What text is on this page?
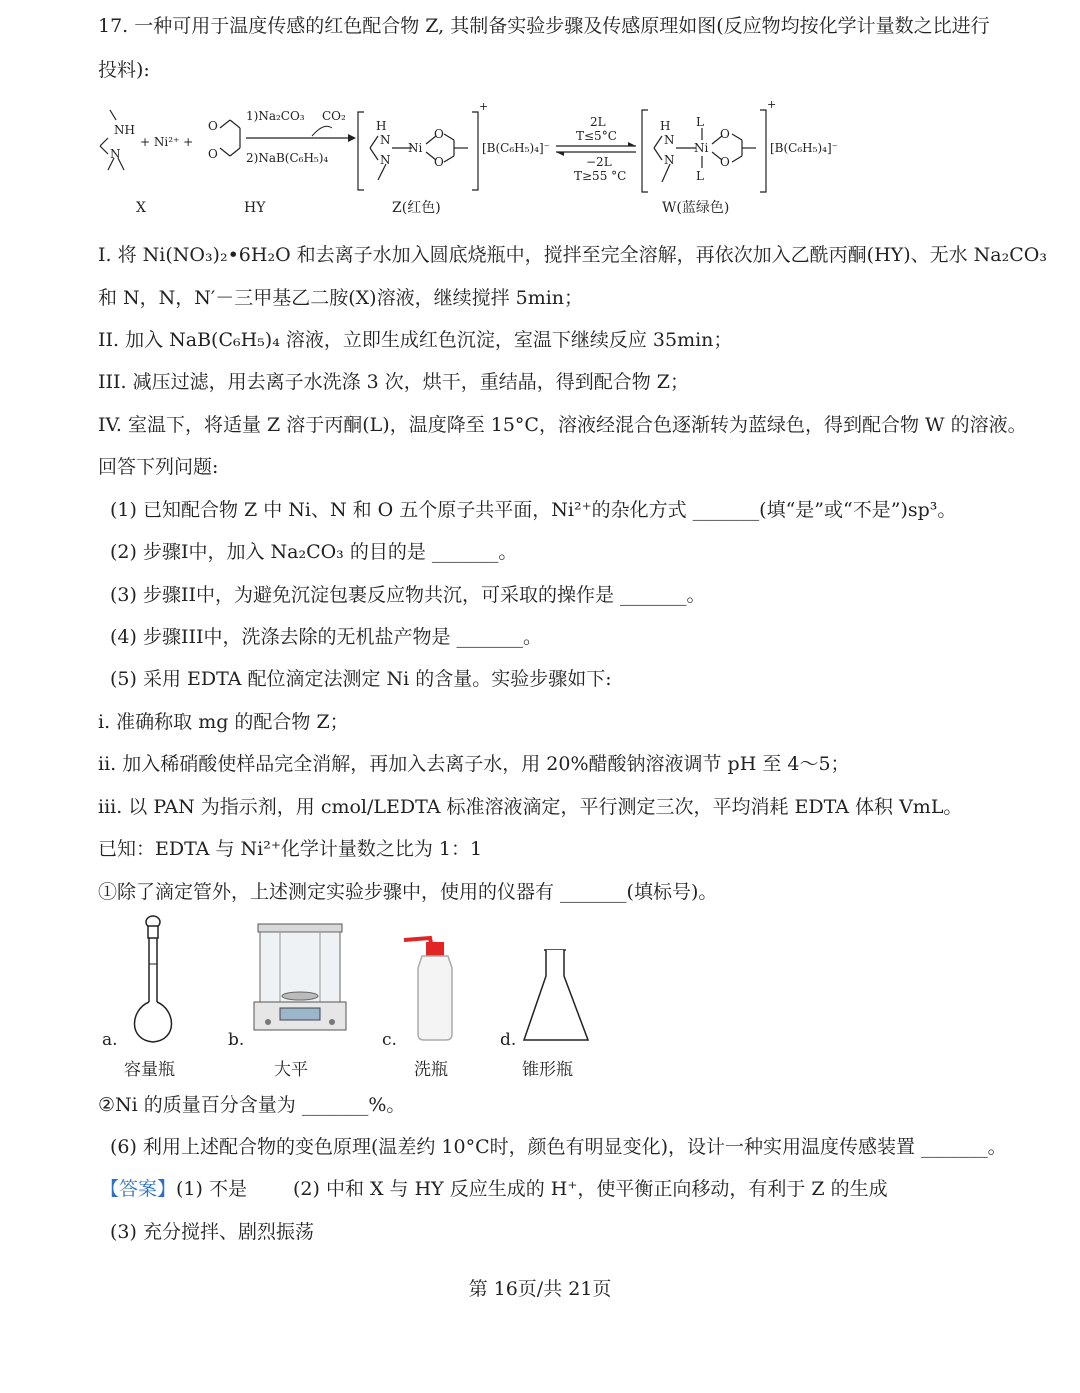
17. 一种可用于温度传感的红色配合物 Z, 其制备实验步骤及传感原理如图(反应物均按化学计量数之比进行
投料):
NH
N
+ Ni²⁺ +
O
O
1)Na₂CO₃ CO₂
2)NaB(C₆H₅)₄
H
N
N
Ni
O
O
+
[B(C₆H₅)₄]⁻
2L
T≤5°C
−2L
T≥55 °C
H
N
N
L
Ni
L
O
O
+
[B(C₆H₅)₄]⁻
X	HY	Z(红色)	W(蓝绿色)
I. 将 Ni(NO₃)₂•6H₂O 和去离子水加入圆底烧瓶中，搅拌至完全溶解，再依次加入乙酰丙酮(HY)、无水 Na₂CO₃
和 N，N，N′－三甲基乙二胺(X)溶液，继续搅拌 5min；
II. 加入 NaB(C₆H₅)₄ 溶液，立即生成红色沉淀，室温下继续反应 35min；
III. 减压过滤，用去离子水洗涤 3 次，烘干，重结晶，得到配合物 Z；
IV. 室温下，将适量 Z 溶于丙酮(L)，温度降至 15°C，溶液经混合色逐渐转为蓝绿色，得到配合物 W 的溶液。
回答下列问题:
(1) 已知配合物 Z 中 Ni、N 和 O 五个原子共平面，Ni²⁺的杂化方式 _______(填“是”或“不是”)sp³。
(2) 步骤I中，加入 Na₂CO₃ 的目的是 _______。
(3) 步骤II中，为避免沉淀包裹反应物共沉，可采取的操作是 _______。
(4) 步骤III中，洗涤去除的无机盐产物是 _______。
(5) 采用 EDTA 配位滴定法测定 Ni 的含量。实验步骤如下:
i. 准确称取 mg 的配合物 Z；
ii. 加入稀硝酸使样品完全消解，再加入去离子水，用 20%醋酸钠溶液调节 pH 至 4～5；
iii. 以 PAN 为指示剂，用 cmol/LEDTA 标准溶液滴定，平行测定三次，平均消耗 EDTA 体积 VmL。
已知：EDTA 与 Ni²⁺化学计量数之比为 1：1
①除了滴定管外，上述测定实验步骤中，使用的仪器有 _______(填标号)。
a.
容量瓶
b.
大平
c.
洗瓶
d.
锥形瓶
②Ni 的质量百分含量为 _______%。
(6) 利用上述配合物的变色原理(温差约 10°C时，颜色有明显变化)，设计一种实用温度传感装置 _______。
【答案】(1) 不是 (2) 中和 X 与 HY 反应生成的 H⁺，使平衡正向移动，有利于 Z 的生成
(3) 充分搅拌、剧烈振荡
第 16页/共 21页
